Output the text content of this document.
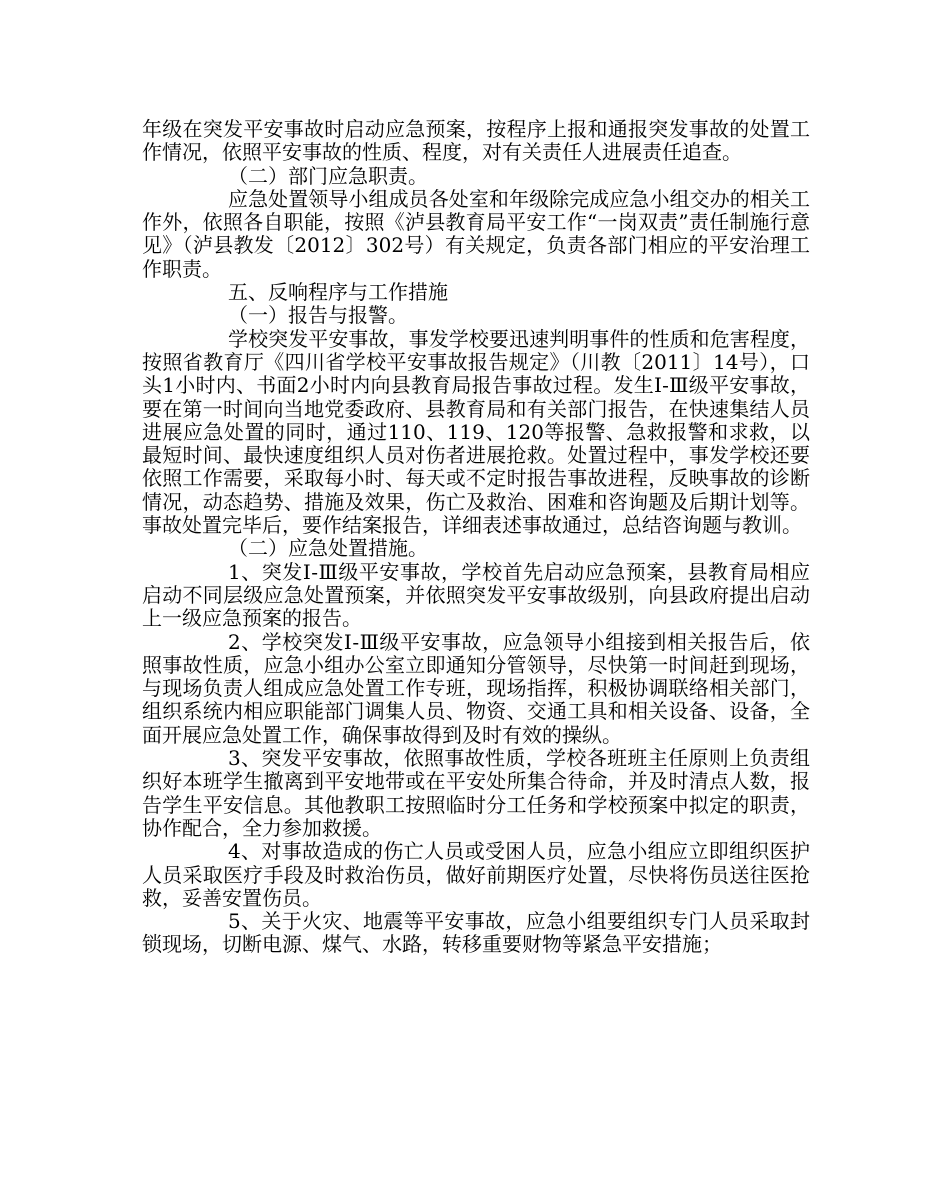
年级在突发平安事故时启动应急预案，按程序上报和通报突发事故的处置工作情况，依照平安事故的性质、程度，对有关责任人进展责任追查。

（二）部门应急职责。

应急处置领导小组成员各处室和年级除完成应急小组交办的相关工作外，依照各自职能，按照《泸县教育局平安工作“一岗双责”责任制施行意见》（泸县教发〔2012〕302号）有关规定，负责各部门相应的平安治理工作职责。

五、反响程序与工作措施

（一）报告与报警。

学校突发平安事故，事发学校要迅速判明事件的性质和危害程度，按照省教育厅《四川省学校平安事故报告规定》（川教〔2011〕14号），口头1小时内、书面2小时内向县教育局报告事故过程。发生Ⅰ-Ⅲ级平安事故，要在第一时间向当地党委政府、县教育局和有关部门报告，在快速集结人员进展应急处置的同时，通过110、119、120等报警、急救报警和求救，以最短时间、最快速度组织人员对伤者进展抢救。处置过程中，事发学校还要依照工作需要，采取每小时、每天或不定时报告事故进程，反映事故的诊断情况，动态趋势、措施及效果，伤亡及救治、困难和咨询题及后期计划等。事故处置完毕后，要作结案报告，详细表述事故通过，总结咨询题与教训。

（二）应急处置措施。

1、突发Ⅰ-Ⅲ级平安事故，学校首先启动应急预案，县教育局相应启动不同层级应急处置预案，并依照突发平安事故级别，向县政府提出启动上一级应急预案的报告。

2、学校突发Ⅰ-Ⅲ级平安事故，应急领导小组接到相关报告后，依照事故性质，应急小组办公室立即通知分管领导，尽快第一时间赶到现场，与现场负责人组成应急处置工作专班，现场指挥，积极协调联络相关部门，组织系统内相应职能部门调集人员、物资、交通工具和相关设备、设备，全面开展应急处置工作，确保事故得到及时有效的操纵。

3、突发平安事故，依照事故性质，学校各班班主任原则上负责组织好本班学生撤离到平安地带或在平安处所集合待命，并及时清点人数，报告学生平安信息。其他教职工按照临时分工任务和学校预案中拟定的职责，协作配合，全力参加救援。

4、对事故造成的伤亡人员或受困人员，应急小组应立即组织医护人员采取医疗手段及时救治伤员，做好前期医疗处置，尽快将伤员送往医抢救，妥善安置伤员。

5、关于火灾、地震等平安事故，应急小组要组织专门人员采取封锁现场，切断电源、煤气、水路，转移重要财物等紧急平安措施；
